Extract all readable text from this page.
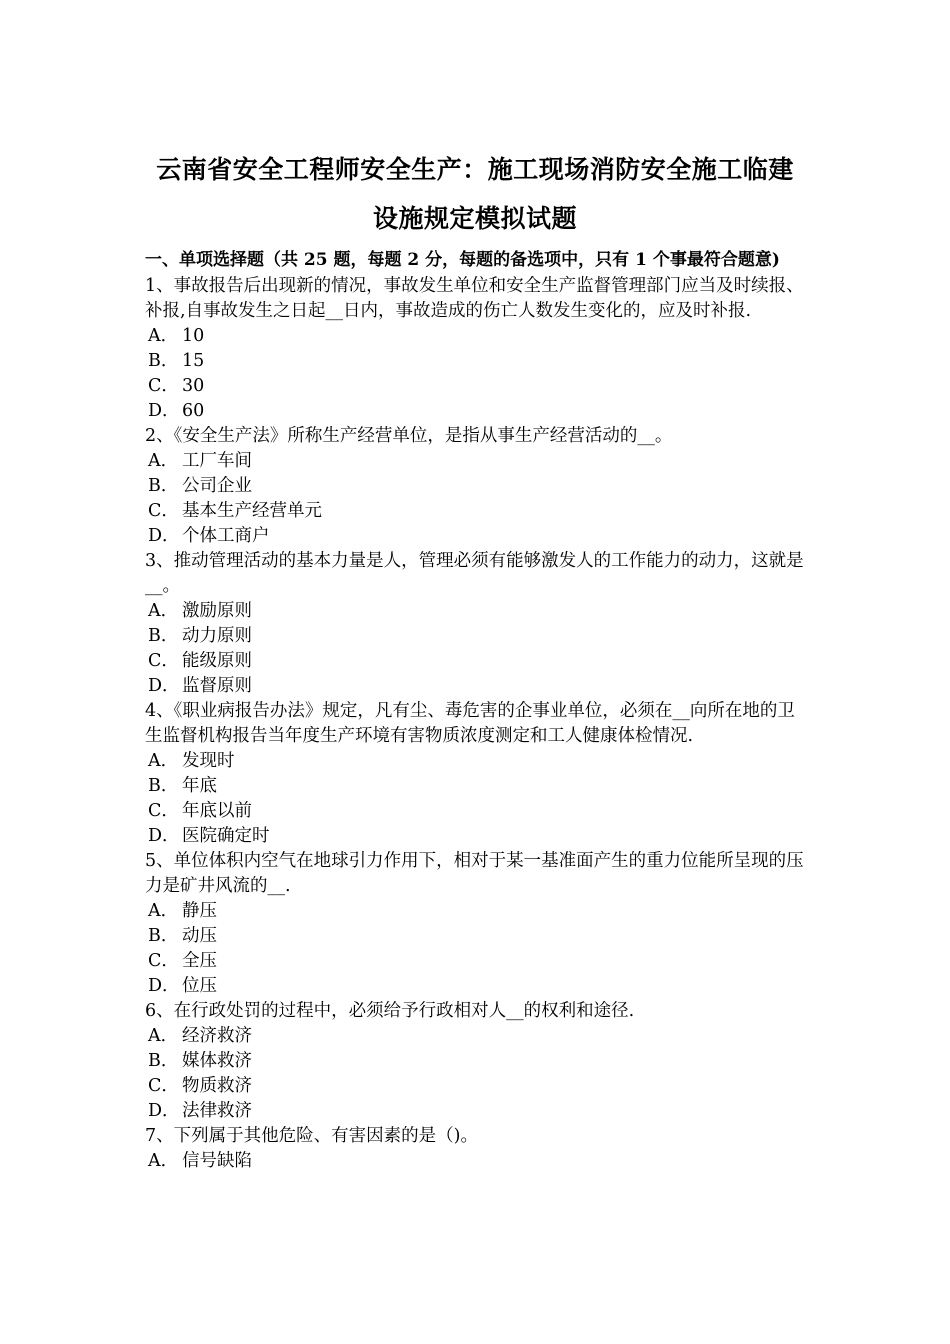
云南省安全工程师安全生产：施工现场消防安全施工临建
设施规定模拟试题
一、单项选择题（共 25 题，每题 2 分，每题的备选项中，只有 1 个事最符合题意)

1、事故报告后出现新的情况，事故发生单位和安全生产监督管理部门应当及时续报、补报,自事故发生之日起__日内，事故造成的伤亡人数发生变化的，应及时补报.

A． 10
B． 15
C． 30
D． 60

2、《安全生产法》所称生产经营单位，是指从事生产经营活动的__。

A． 工厂车间
B． 公司企业
C． 基本生产经营单元
D． 个体工商户

3、推动管理活动的基本力量是人，管理必须有能够激发人的工作能力的动力，这就是__。

A． 激励原则
B． 动力原则
C． 能级原则
D． 监督原则

4、《职业病报告办法》规定，凡有尘、毒危害的企事业单位，必须在__向所在地的卫生监督机构报告当年度生产环境有害物质浓度测定和工人健康体检情况.

A． 发现时
B． 年底
C． 年底以前
D． 医院确定时

5、单位体积内空气在地球引力作用下，相对于某一基准面产生的重力位能所呈现的压力是矿井风流的__.

A． 静压
B． 动压
C． 全压
D． 位压

6、在行政处罚的过程中，必须给予行政相对人__的权利和途径.

A． 经济救济
B． 媒体救济
C． 物质救济
D． 法律救济

7、下列属于其他危险、有害因素的是（)。

A． 信号缺陷
